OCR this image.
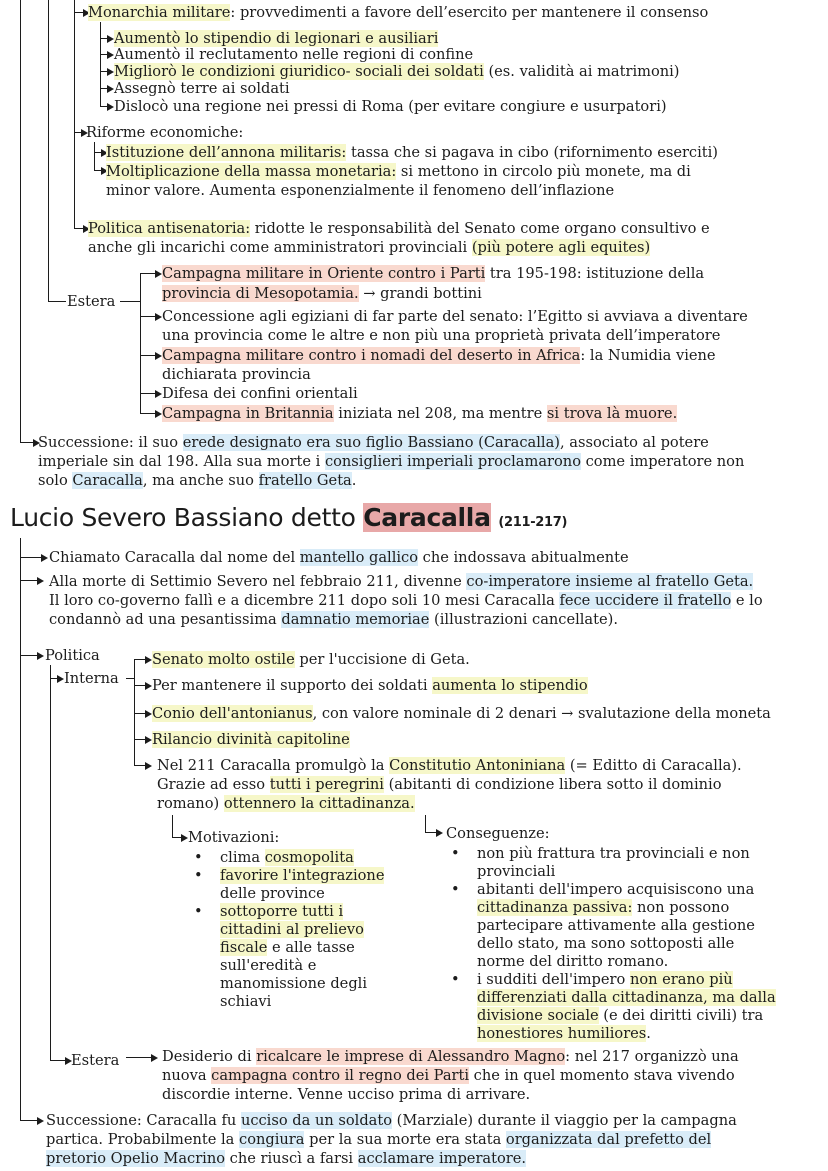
Monarchia militare: provvedimenti a favore dell’esercito per mantenere il consenso
Aumentò lo stipendio di legionari e ausiliari
Aumentò il reclutamento nelle regioni di confine
Migliorò le condizioni giuridico- sociali dei soldati (es. validità ai matrimoni)
Assegnò terre ai soldati
Dislocò una regione nei pressi di Roma (per evitare congiure e usurpatori)
Riforme economiche:
Istituzione dell’annona militaris: tassa che si pagava in cibo (rifornimento eserciti)
Moltiplicazione della massa monetaria: si mettono in circolo più monete, ma di
minor valore. Aumenta esponenzialmente il fenomeno dell’inflazione
Politica antisenatoria: ridotte le responsabilità del Senato come organo consultivo e
anche gli incarichi come amministratori provinciali (più potere agli equites)
Estera
Campagna militare in Oriente contro i Parti tra 195-198: istituzione della
provincia di Mesopotamia. → grandi bottini
Concessione agli egiziani di far parte del senato: l’Egitto si avviava a diventare
una provincia come le altre e non più una proprietà privata dell’imperatore
Campagna militare contro i nomadi del deserto in Africa: la Numidia viene
dichiarata provincia
Difesa dei confini orientali
Campagna in Britannia iniziata nel 208, ma mentre si trova là muore.
Successione: il suo erede designato era suo figlio Bassiano (Caracalla), associato al potere
imperiale sin dal 198. Alla sua morte i consiglieri imperiali proclamarono come imperatore non
solo Caracalla, ma anche suo fratello Geta.
Lucio Severo Bassiano detto Caracalla (211-217)
Chiamato Caracalla dal nome del mantello gallico che indossava abitualmente
Alla morte di Settimio Severo nel febbraio 211, divenne co-imperatore insieme al fratello Geta.
Il loro co-governo fallì e a dicembre 211 dopo soli 10 mesi Caracalla fece uccidere il fratello e lo
condannò ad una pesantissima damnatio memoriae (illustrazioni cancellate).
Politica
Interna
Senato molto ostile per l'uccisione di Geta.
Per mantenere il supporto dei soldati aumenta lo stipendio
Conio dell'antonianus, con valore nominale di 2 denari → svalutazione della moneta
Rilancio divinità capitoline
Nel 211 Caracalla promulgò la Constitutio Antoniniana (= Editto di Caracalla).
Grazie ad esso tutti i peregrini (abitanti di condizione libera sotto il dominio
romano) ottennero la cittadinanza.
Motivazioni:
• clima cosmopolita
• favorire l'integrazione
delle province
• sottoporre tutti i
cittadini al prelievo
fiscale e alle tasse
sull'eredità e
manomissione degli
schiavi
Conseguenze:
• non più frattura tra provinciali e non
provinciali
• abitanti dell'impero acquisiscono una
cittadinanza passiva: non possono
partecipare attivamente alla gestione
dello stato, ma sono sottoposti alle
norme del diritto romano.
• i sudditi dell'impero non erano più
differenziati dalla cittadinanza, ma dalla
divisione sociale (e dei diritti civili) tra
honestiores humiliores.
Estera	Desiderio di ricalcare le imprese di Alessandro Magno: nel 217 organizzò una
nuova campagna contro il regno dei Parti che in quel momento stava vivendo
discordie interne. Venne ucciso prima di arrivare.
Successione: Caracalla fu ucciso da un soldato (Marziale) durante il viaggio per la campagna
partica. Probabilmente la congiura per la sua morte era stata organizzata dal prefetto del
pretorio Opelio Macrino che riuscì a farsi acclamare imperatore.
